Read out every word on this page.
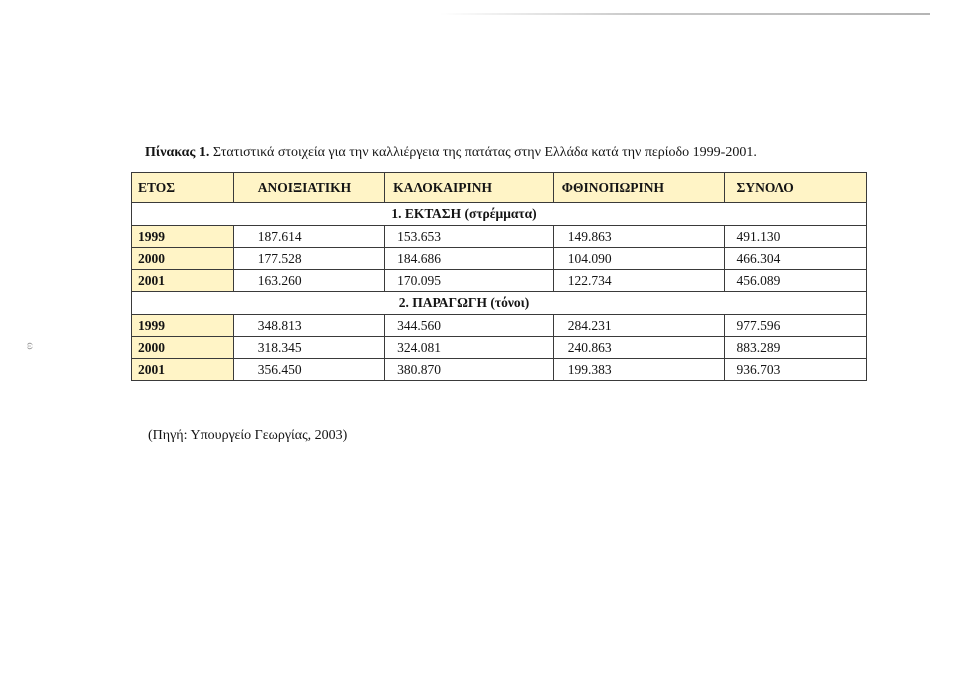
ω
Πίνακας 1. Στατιστικά στοιχεία για την καλλιέργεια της πατάτας στην Ελλάδα κατά την περίοδο 1999-2001.
ΕΤΟΣ	ΑΝΟΙΞΙΑΤΙΚΗ	ΚΑΛΟΚΑΙΡΙΝΗ	ΦΘΙΝΟΠΩΡΙΝΗ	ΣΥΝΟΛΟ
1. ΕΚΤΑΣΗ (στρέμματα)				
1999	187.614	153.653	149.863	491.130
2000	177.528	184.686	104.090	466.304
2001	163.260	170.095	122.734	456.089
2. ΠΑΡΑΓΩΓΗ (τόνοι)				
1999	348.813	344.560	284.231	977.596
2000	318.345	324.081	240.863	883.289
2001	356.450	380.870	199.383	936.703
(Πηγή: Υπουργείο Γεωργίας, 2003)
